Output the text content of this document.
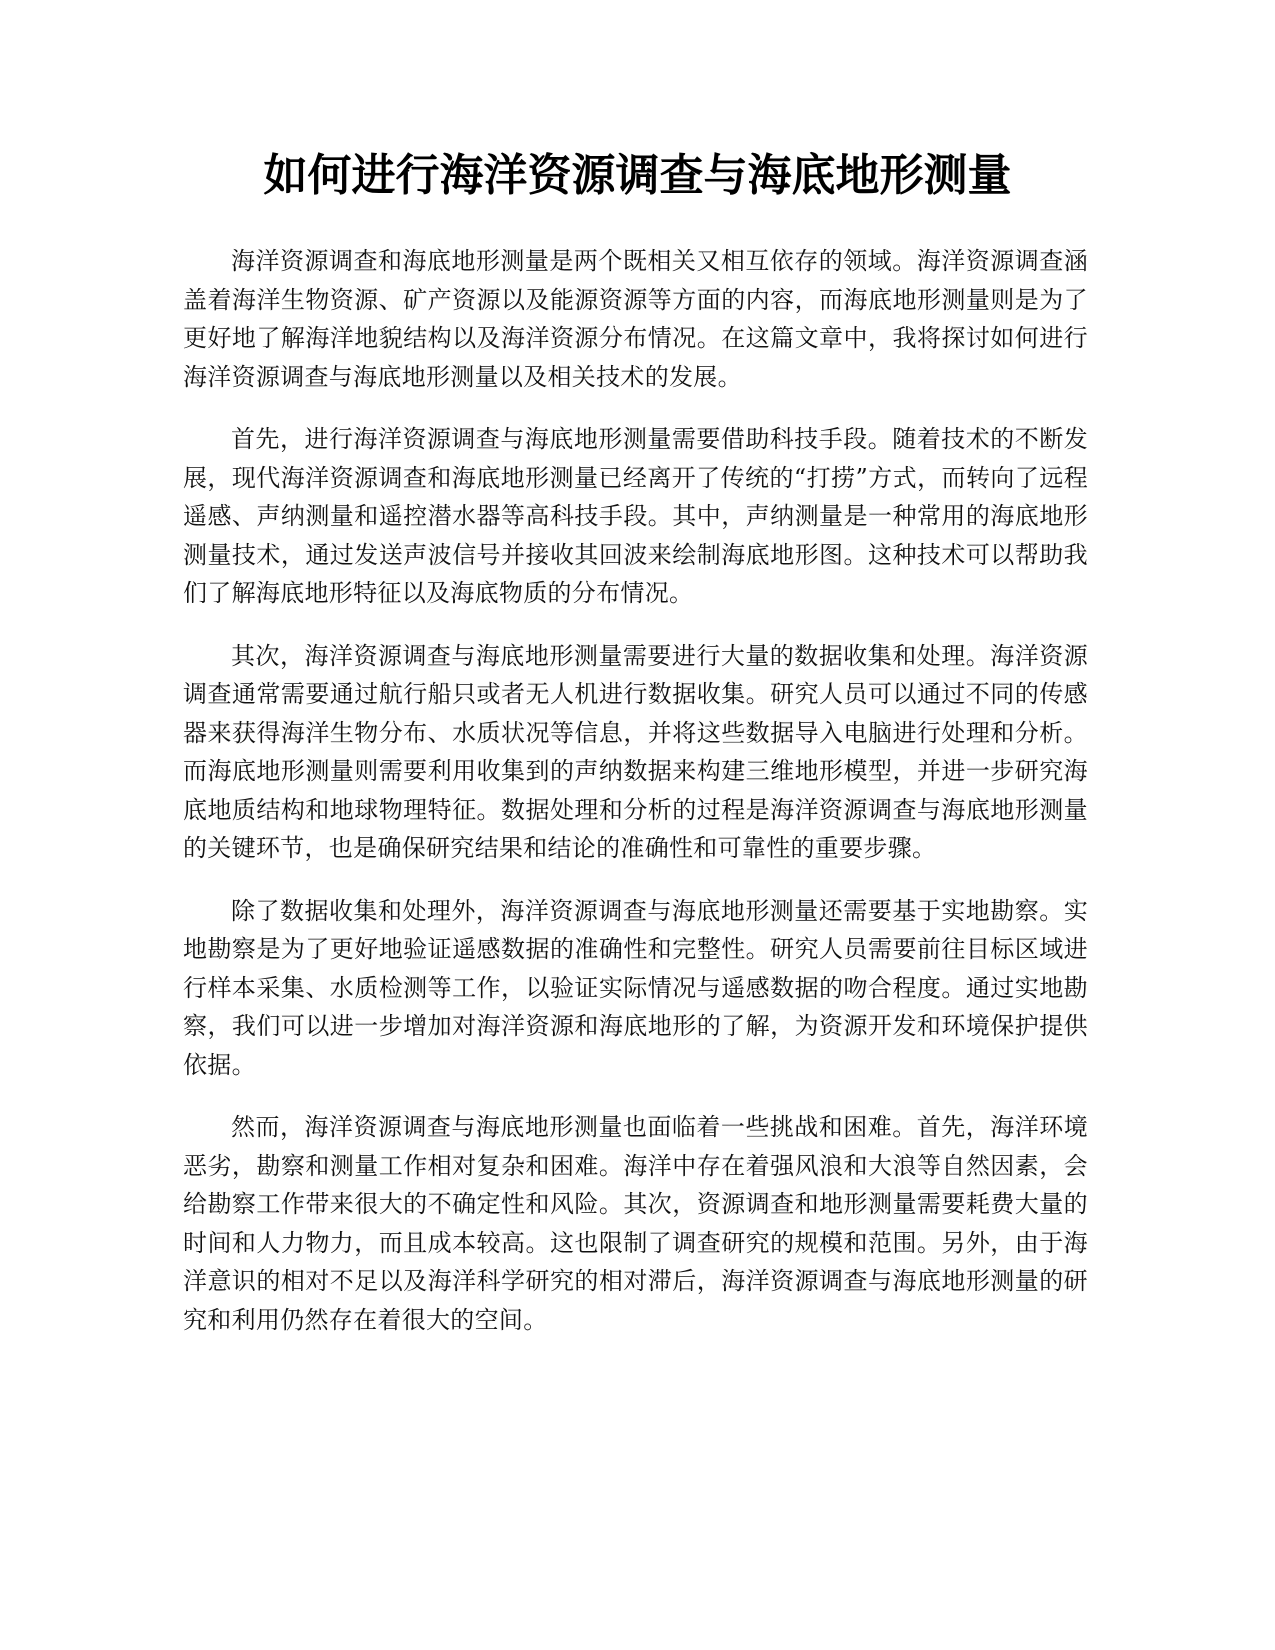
如何进行海洋资源调查与海底地形测量

海洋资源调查和海底地形测量是两个既相关又相互依存的领域。海洋资源调查涵盖着海洋生物资源、矿产资源以及能源资源等方面的内容，而海底地形测量则是为了更好地了解海洋地貌结构以及海洋资源分布情况。在这篇文章中，我将探讨如何进行海洋资源调查与海底地形测量以及相关技术的发展。

首先，进行海洋资源调查与海底地形测量需要借助科技手段。随着技术的不断发展，现代海洋资源调查和海底地形测量已经离开了传统的“打捞”方式，而转向了远程遥感、声纳测量和遥控潜水器等高科技手段。其中，声纳测量是一种常用的海底地形测量技术，通过发送声波信号并接收其回波来绘制海底地形图。这种技术可以帮助我们了解海底地形特征以及海底物质的分布情况。

其次，海洋资源调查与海底地形测量需要进行大量的数据收集和处理。海洋资源调查通常需要通过航行船只或者无人机进行数据收集。研究人员可以通过不同的传感器来获得海洋生物分布、水质状况等信息，并将这些数据导入电脑进行处理和分析。而海底地形测量则需要利用收集到的声纳数据来构建三维地形模型，并进一步研究海底地质结构和地球物理特征。数据处理和分析的过程是海洋资源调查与海底地形测量的关键环节，也是确保研究结果和结论的准确性和可靠性的重要步骤。

除了数据收集和处理外，海洋资源调查与海底地形测量还需要基于实地勘察。实地勘察是为了更好地验证遥感数据的准确性和完整性。研究人员需要前往目标区域进行样本采集、水质检测等工作，以验证实际情况与遥感数据的吻合程度。通过实地勘察，我们可以进一步增加对海洋资源和海底地形的了解，为资源开发和环境保护提供依据。

然而，海洋资源调查与海底地形测量也面临着一些挑战和困难。首先，海洋环境恶劣，勘察和测量工作相对复杂和困难。海洋中存在着强风浪和大浪等自然因素，会给勘察工作带来很大的不确定性和风险。其次，资源调查和地形测量需要耗费大量的时间和人力物力，而且成本较高。这也限制了调查研究的规模和范围。另外，由于海洋意识的相对不足以及海洋科学研究的相对滞后，海洋资源调查与海底地形测量的研究和利用仍然存在着很大的空间。
